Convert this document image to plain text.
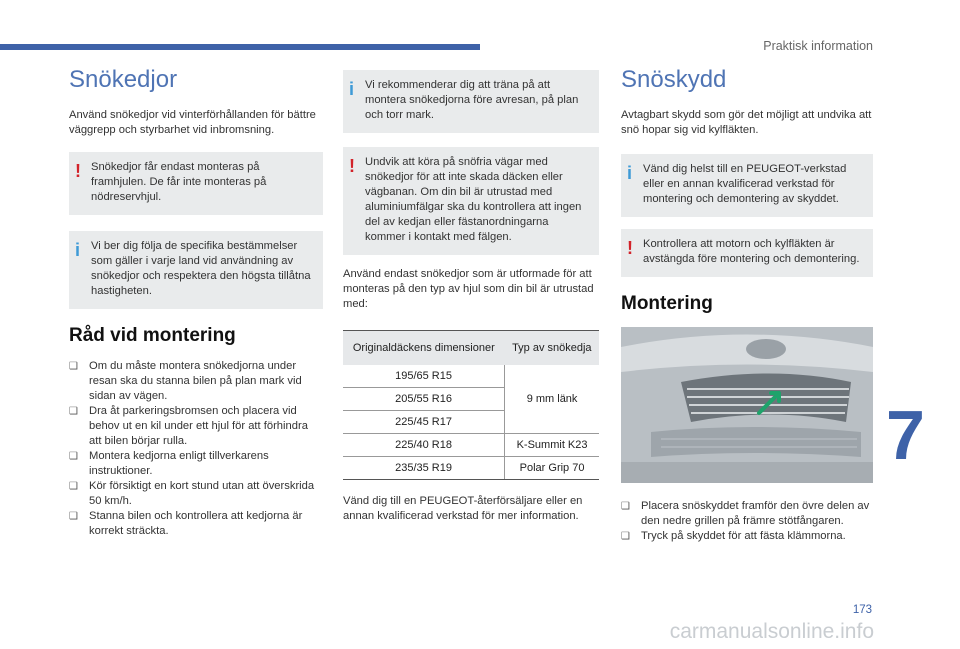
Praktisk information
Snökedjor

Använd snökedjor vid vinterförhållanden för bättre väggrepp och styrbarhet vid inbromsning.

! Snökedjor får endast monteras på framhjulen. De får inte monteras på nödreservhjul.
i Vi ber dig följa de specifika bestämmelser som gäller i varje land vid användning av snökedjor och respektera den högsta tillåtna hastigheten.
Råd vid montering
❑ Om du måste montera snökedjorna under resan ska du stanna bilen på plan mark vid sidan av vägen.
❑ Dra åt parkeringsbromsen och placera vid behov ut en kil under ett hjul för att förhindra att bilen börjar rulla.
❑ Montera kedjorna enligt tillverkarens instruktioner.
❑ Kör försiktigt en kort stund utan att överskrida 50 km/h.
❑ Stanna bilen och kontrollera att kedjorna är korrekt sträckta.
i Vi rekommenderar dig att träna på att montera snökedjorna före avresan, på plan och torr mark.
! Undvik att köra på snöfria vägar med snökedjor för att inte skada däcken eller vägbanan. Om din bil är utrustad med aluminiumfälgar ska du kontrollera att ingen del av kedjan eller fästanordningarna kommer i kontakt med fälgen.

Använd endast snökedjor som är utformade för att monteras på den typ av hjul som din bil är utrustad med:

Originaldäckens dimensioner	Typ av snökedja
195/65 R15	9 mm länk
205/55 R16	
225/45 R17	
225/40 R18	K-Summit K23
235/35 R19	Polar Grip 70

Vänd dig till en PEUGEOT-återförsäljare eller en annan kvalificerad verkstad för mer information.

Snöskydd

Avtagbart skydd som gör det möjligt att undvika att snö hopar sig vid kylfläkten.

i Vänd dig helst till en PEUGEOT-verkstad eller en annan kvalificerad verkstad för montering och demontering av skyddet.
! Kontrollera att motorn och kylfläkten är avstängda före montering och demontering.
Montering
❑ Placera snöskyddet framför den övre delen av den nedre grillen på främre stötfångaren.
❑ Tryck på skyddet för att fästa klämmorna.
7
173
carmanualsonline.info
